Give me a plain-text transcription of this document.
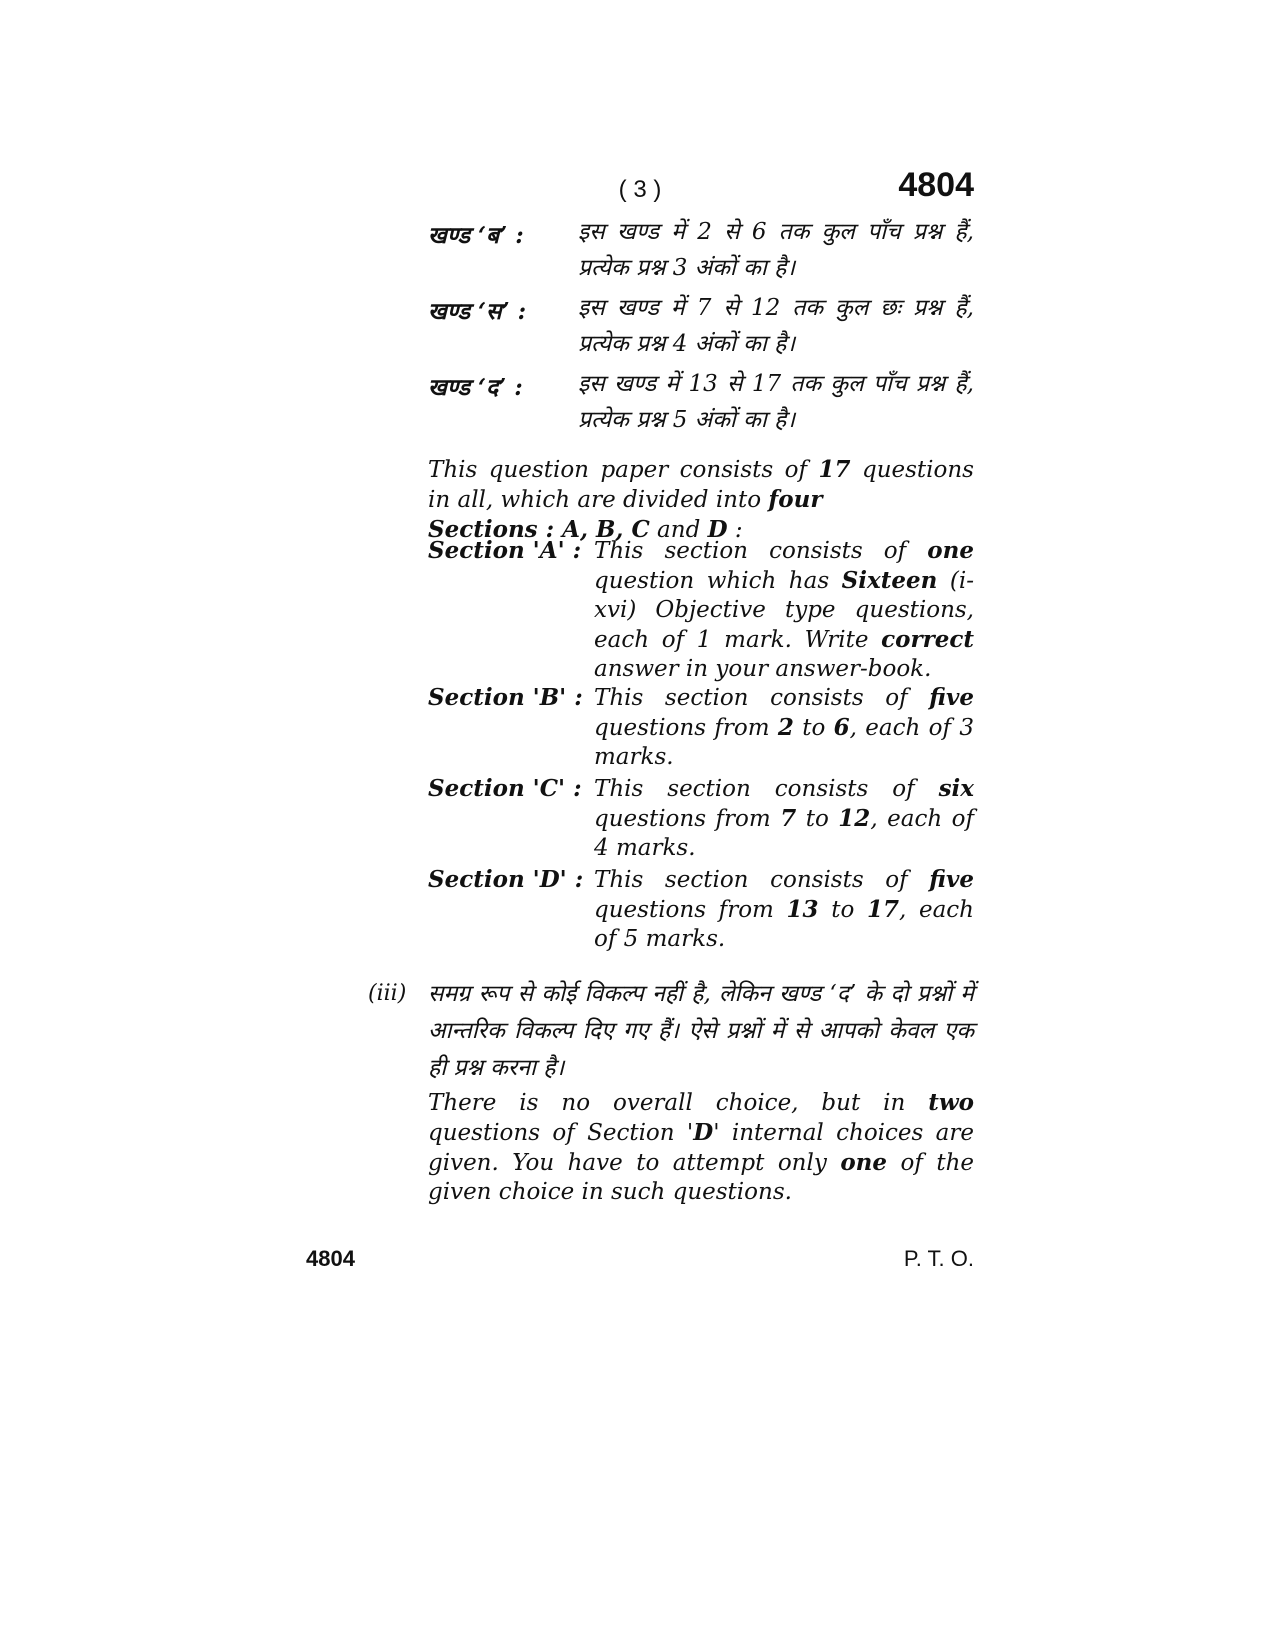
( 3 )	4804
खण्ड ‘ब’ :	इस खण्ड में 2 से 6 तक कुल पाँच प्रश्न हैं, प्रत्येक प्रश्न 3 अंकों का है।
खण्ड ‘स’ :	इस खण्ड में 7 से 12 तक कुल छः प्रश्न हैं, प्रत्येक प्रश्न 4 अंकों का है।
खण्ड ‘द’ :	इस खण्ड में 13 से 17 तक कुल पाँच प्रश्न हैं, प्रत्येक प्रश्न 5 अंकों का है।
This question paper consists of 17 questions in all, which are divided into four
Sections : A, B, C and D :
Section 'A' : This section consists of one question which has Sixteen (i-xvi) Objective type questions, each of 1 mark. Write correct answer in your answer-book.
Section 'B' : This section consists of five questions from 2 to 6, each of 3 marks.
Section 'C' : This section consists of six questions from 7 to 12, each of 4 marks.
Section 'D' : This section consists of five questions from 13 to 17, each of 5 marks.
(iii) समग्र रूप से कोई विकल्प नहीं है, लेकिन खण्ड ‘द’ के दो प्रश्नों में आन्तरिक विकल्प दिए गए हैं। ऐसे प्रश्नों में से आपको केवल एक ही प्रश्न करना है।
There is no overall choice, but in two questions of Section 'D' internal choices are given. You have to attempt only one of the given choice in such questions.
4804	P. T. O.
